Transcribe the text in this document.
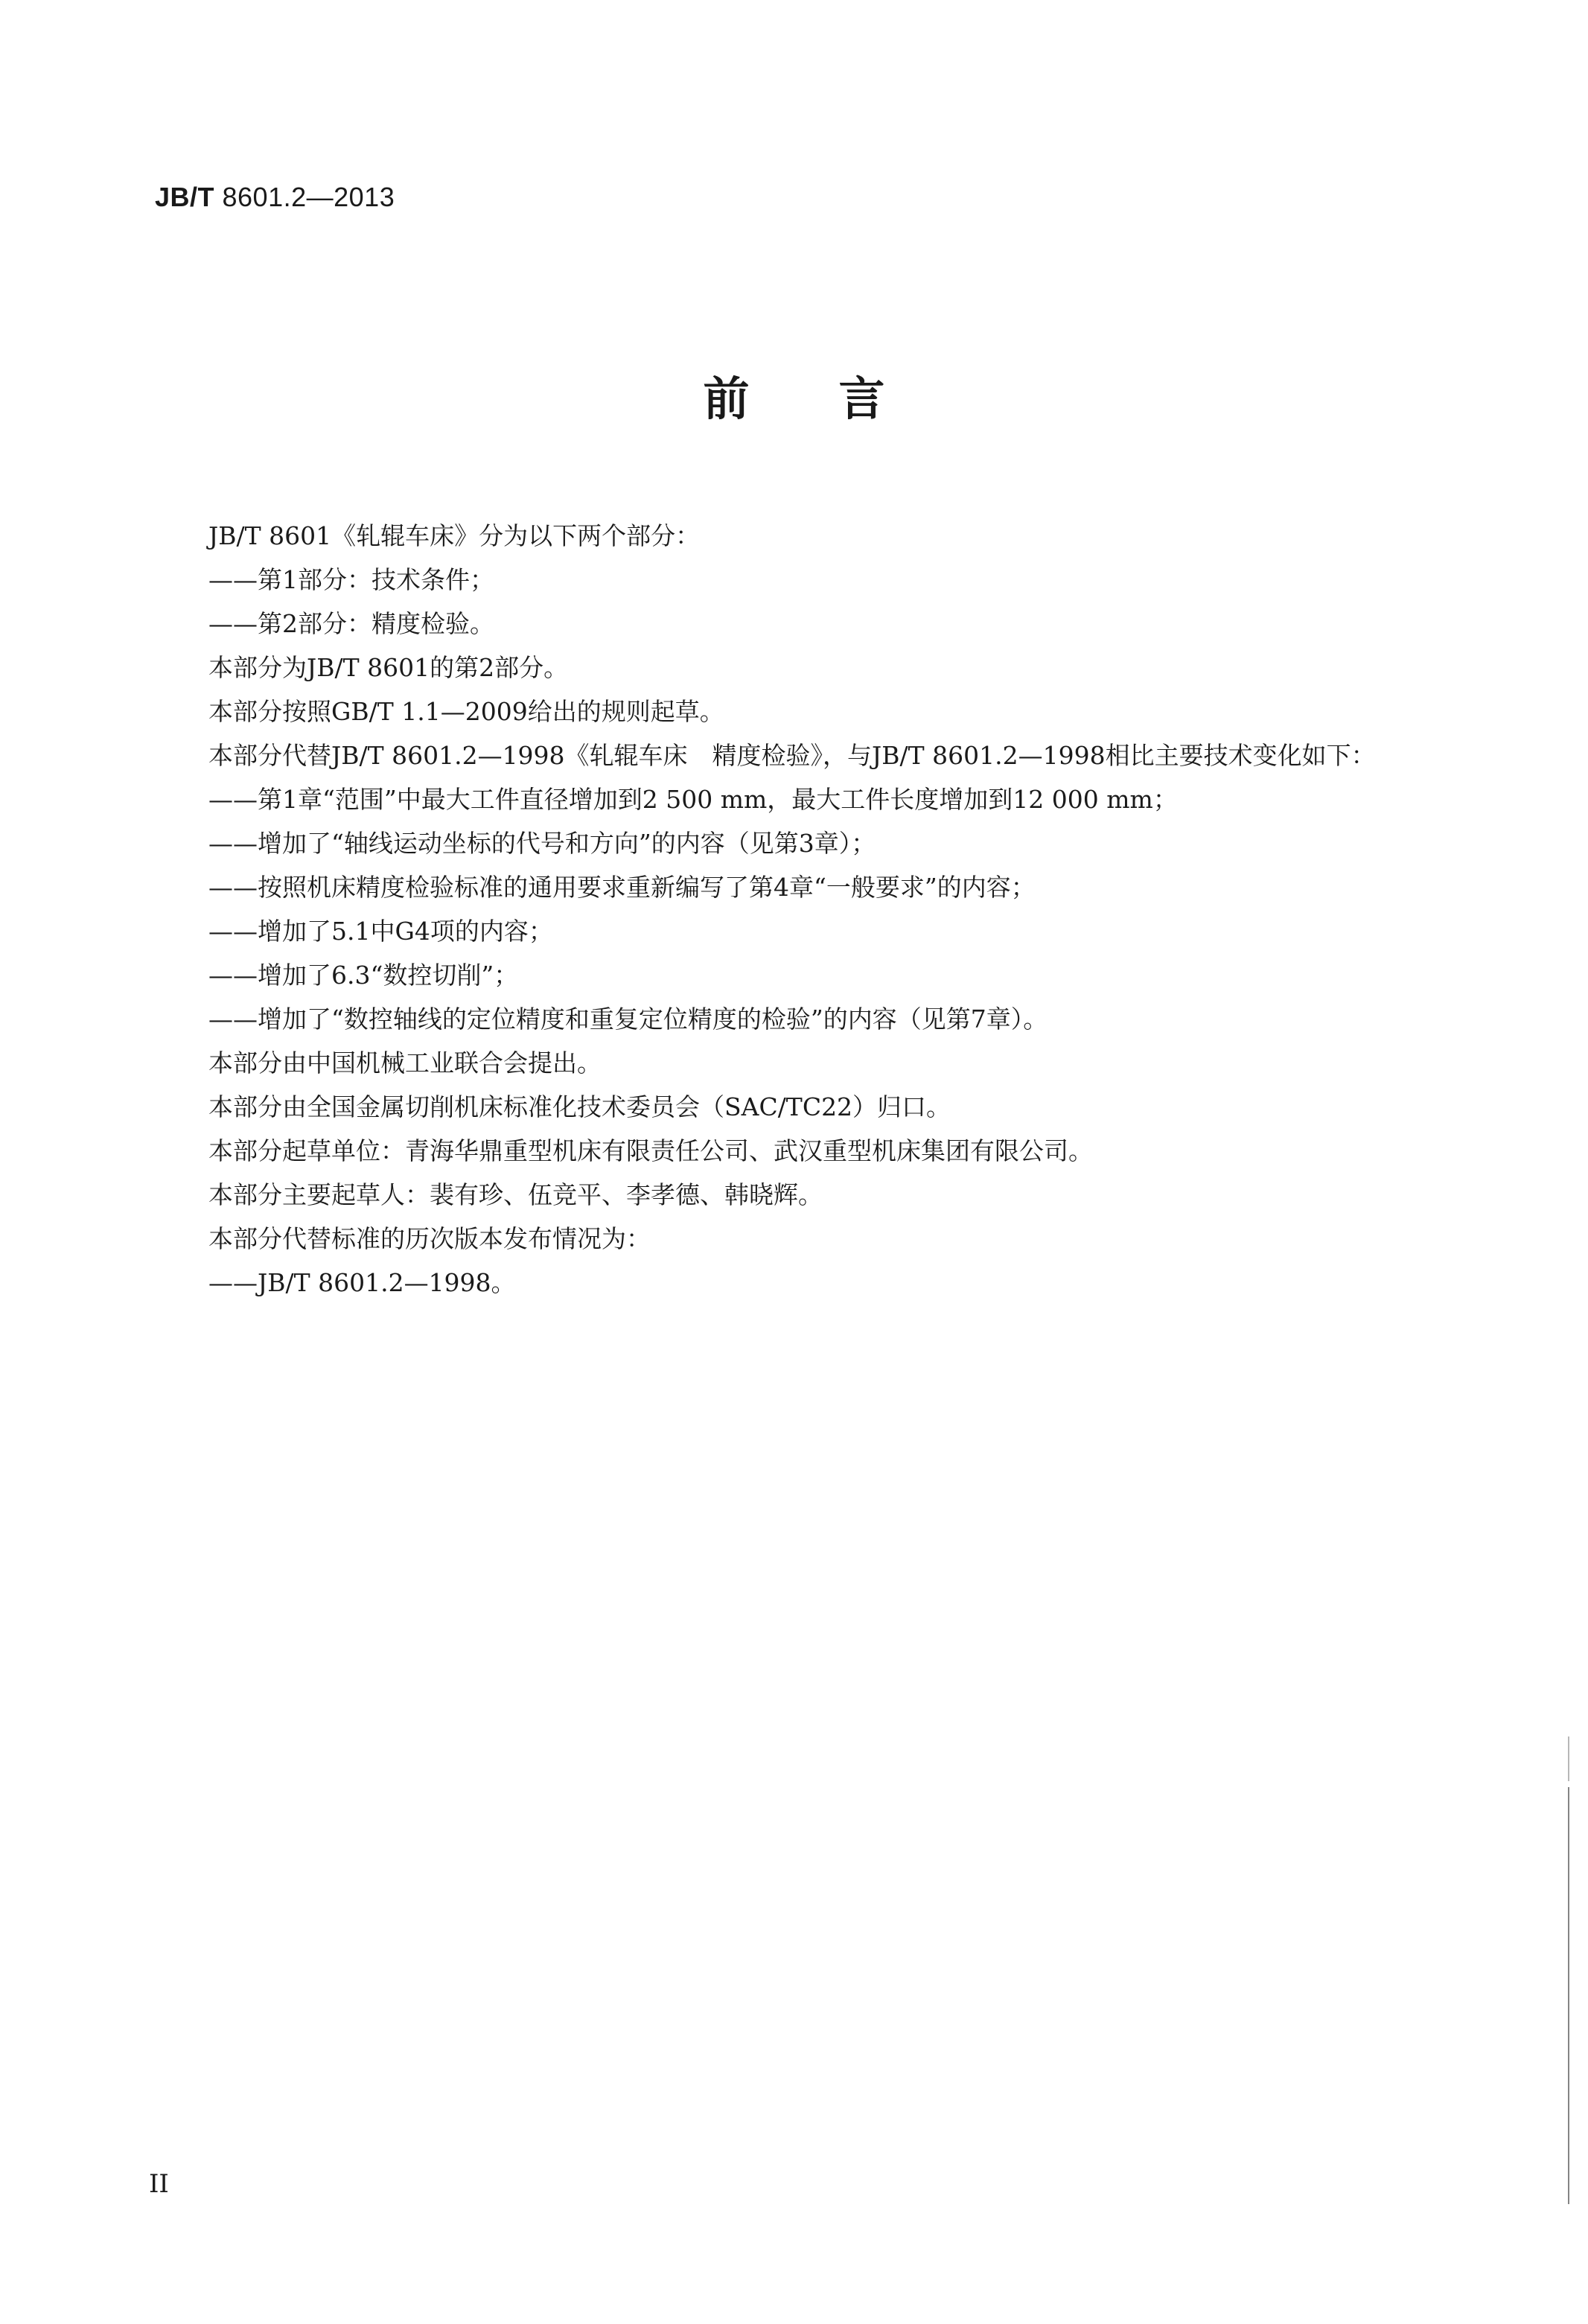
JB/T 8601.2—2013
前言

JB/T 8601《轧辊车床》分为以下两个部分：

——第1部分：技术条件；

——第2部分：精度检验。

本部分为JB/T 8601的第2部分。

本部分按照GB/T 1.1—2009给出的规则起草。

本部分代替JB/T 8601.2—1998《轧辊车床　精度检验》，与JB/T 8601.2—1998相比主要技术变化如下：

——第1章“范围”中最大工件直径增加到2 500 mm，最大工件长度增加到12 000 mm；

——增加了“轴线运动坐标的代号和方向”的内容（见第3章）；

——按照机床精度检验标准的通用要求重新编写了第4章“一般要求”的内容；

——增加了5.1中G4项的内容；

——增加了6.3“数控切削”；

——增加了“数控轴线的定位精度和重复定位精度的检验”的内容（见第7章）。

本部分由中国机械工业联合会提出。

本部分由全国金属切削机床标准化技术委员会（SAC/TC22）归口。

本部分起草单位：青海华鼎重型机床有限责任公司、武汉重型机床集团有限公司。

本部分主要起草人：裴有珍、伍竞平、李孝德、韩晓辉。

本部分代替标准的历次版本发布情况为：

——JB/T 8601.2—1998。

II
